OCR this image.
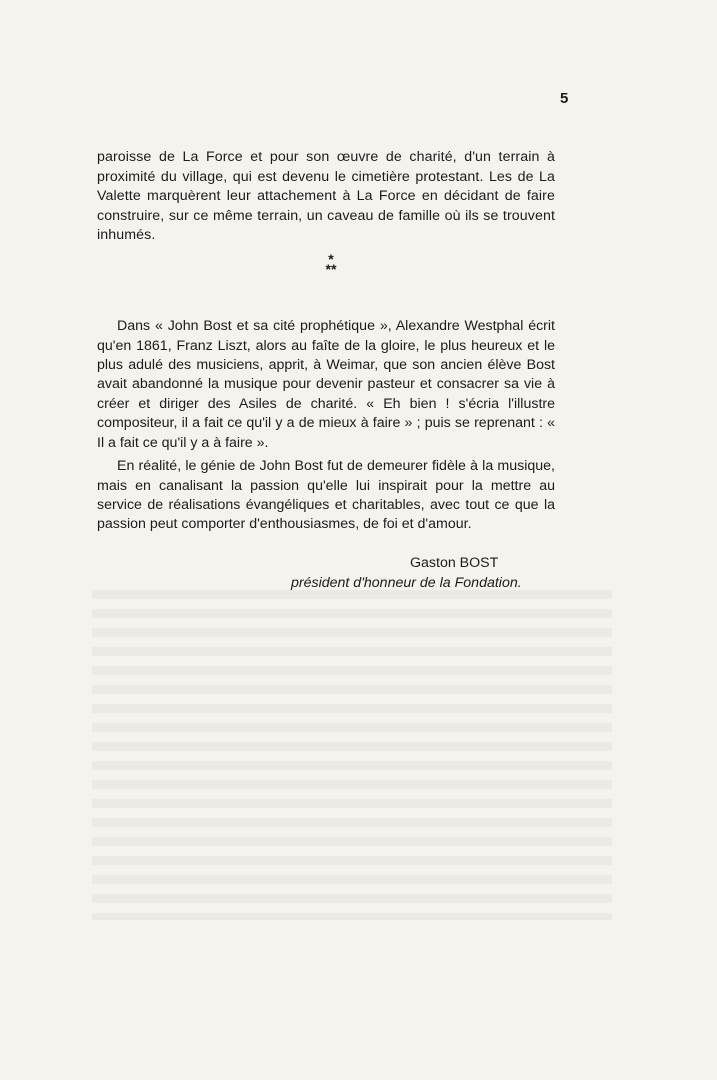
5

paroisse de La Force et pour son œuvre de charité, d'un terrain à proximité du village, qui est devenu le cimetière protestant. Les de La Valette marquèrent leur attachement à La Force en décidant de faire construire, sur ce même terrain, un caveau de famille où ils se trouvent inhumés.

*
**

Dans « John Bost et sa cité prophétique », Alexandre Westphal écrit qu'en 1861, Franz Liszt, alors au faîte de la gloire, le plus heureux et le plus adulé des musiciens, apprit, à Weimar, que son ancien élève Bost avait abandonné la musique pour devenir pasteur et consacrer sa vie à créer et diriger des Asiles de charité. « Eh bien ! s'écria l'illustre compositeur, il a fait ce qu'il y a de mieux à faire » ; puis se reprenant : « Il a fait ce qu'il y a à faire ».

En réalité, le génie de John Bost fut de demeurer fidèle à la musique, mais en canalisant la passion qu'elle lui inspirait pour la mettre au service de réalisations évangéliques et charitables, avec tout ce que la passion peut comporter d'enthousiasmes, de foi et d'amour.

Gaston BOST
président d'honneur de la Fondation.
